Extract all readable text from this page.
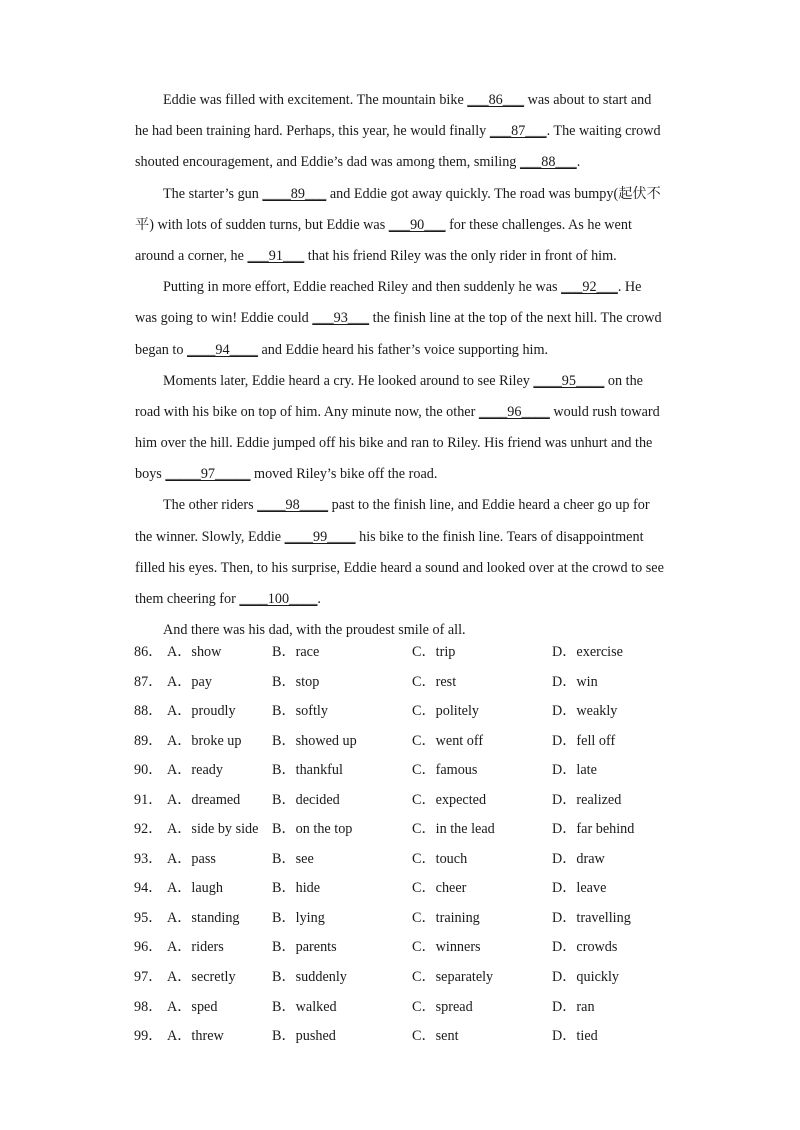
Eddie was filled with excitement. The mountain bike ___86___ was about to start and
he had been training hard. Perhaps, this year, he would finally ___87___. The waiting crowd
shouted encouragement, and Eddie’s dad was among them, smiling ___88___.
The starter’s gun ____89___ and Eddie got away quickly. The road was bumpy(起伏不
平) with lots of sudden turns, but Eddie was ___90___ for these challenges. As he went
around a corner, he ___91___ that his friend Riley was the only rider in front of him.
Putting in more effort, Eddie reached Riley and then suddenly he was ___92___. He
was going to win! Eddie could ___93___ the finish line at the top of the next hill. The crowd
began to ____94____ and Eddie heard his father’s voice supporting him.
Moments later, Eddie heard a cry. He looked around to see Riley ____95____ on the
road with his bike on top of him. Any minute now, the other ____96____ would rush toward
him over the hill. Eddie jumped off his bike and ran to Riley. His friend was unhurt and the
boys _____97_____ moved Riley’s bike off the road.
The other riders ____98____ past to the finish line, and Eddie heard a cheer go up for
the winner. Slowly, Eddie ____99____ his bike to the finish line. Tears of disappointment
filled his eyes. Then, to his surprise, Eddie heard a sound and looked over at the crowd to see
them cheering for ____100____.
And there was his dad, with the proudest smile of all.
86． A．show	B．race	C．trip	D．exercise
87． A．pay	B．stop	C．rest	D．win
88． A．proudly	B．softly	C．politely	D．weakly
89． A．broke up B．showed up	C．went off	D．fell off
90． A．ready	B．thankful	C．famous	D．late
91． A．dreamed B．decided	C．expected	D．realized
92． A．side by side B．on the top	C．in the lead	D．far behind
93． A．pass	B．see	C．touch	D．draw
94． A．laugh	B．hide	C．cheer	D．leave
95． A．standing B．lying	C．training	D．travelling
96． A．riders	B．parents	C．winners	D．crowds
97． A．secretly	B．suddenly	C．separately	D．quickly
98． A．sped	B．walked	C．spread	D．ran
99． A．threw	B．pushed	C．sent	D．tied
